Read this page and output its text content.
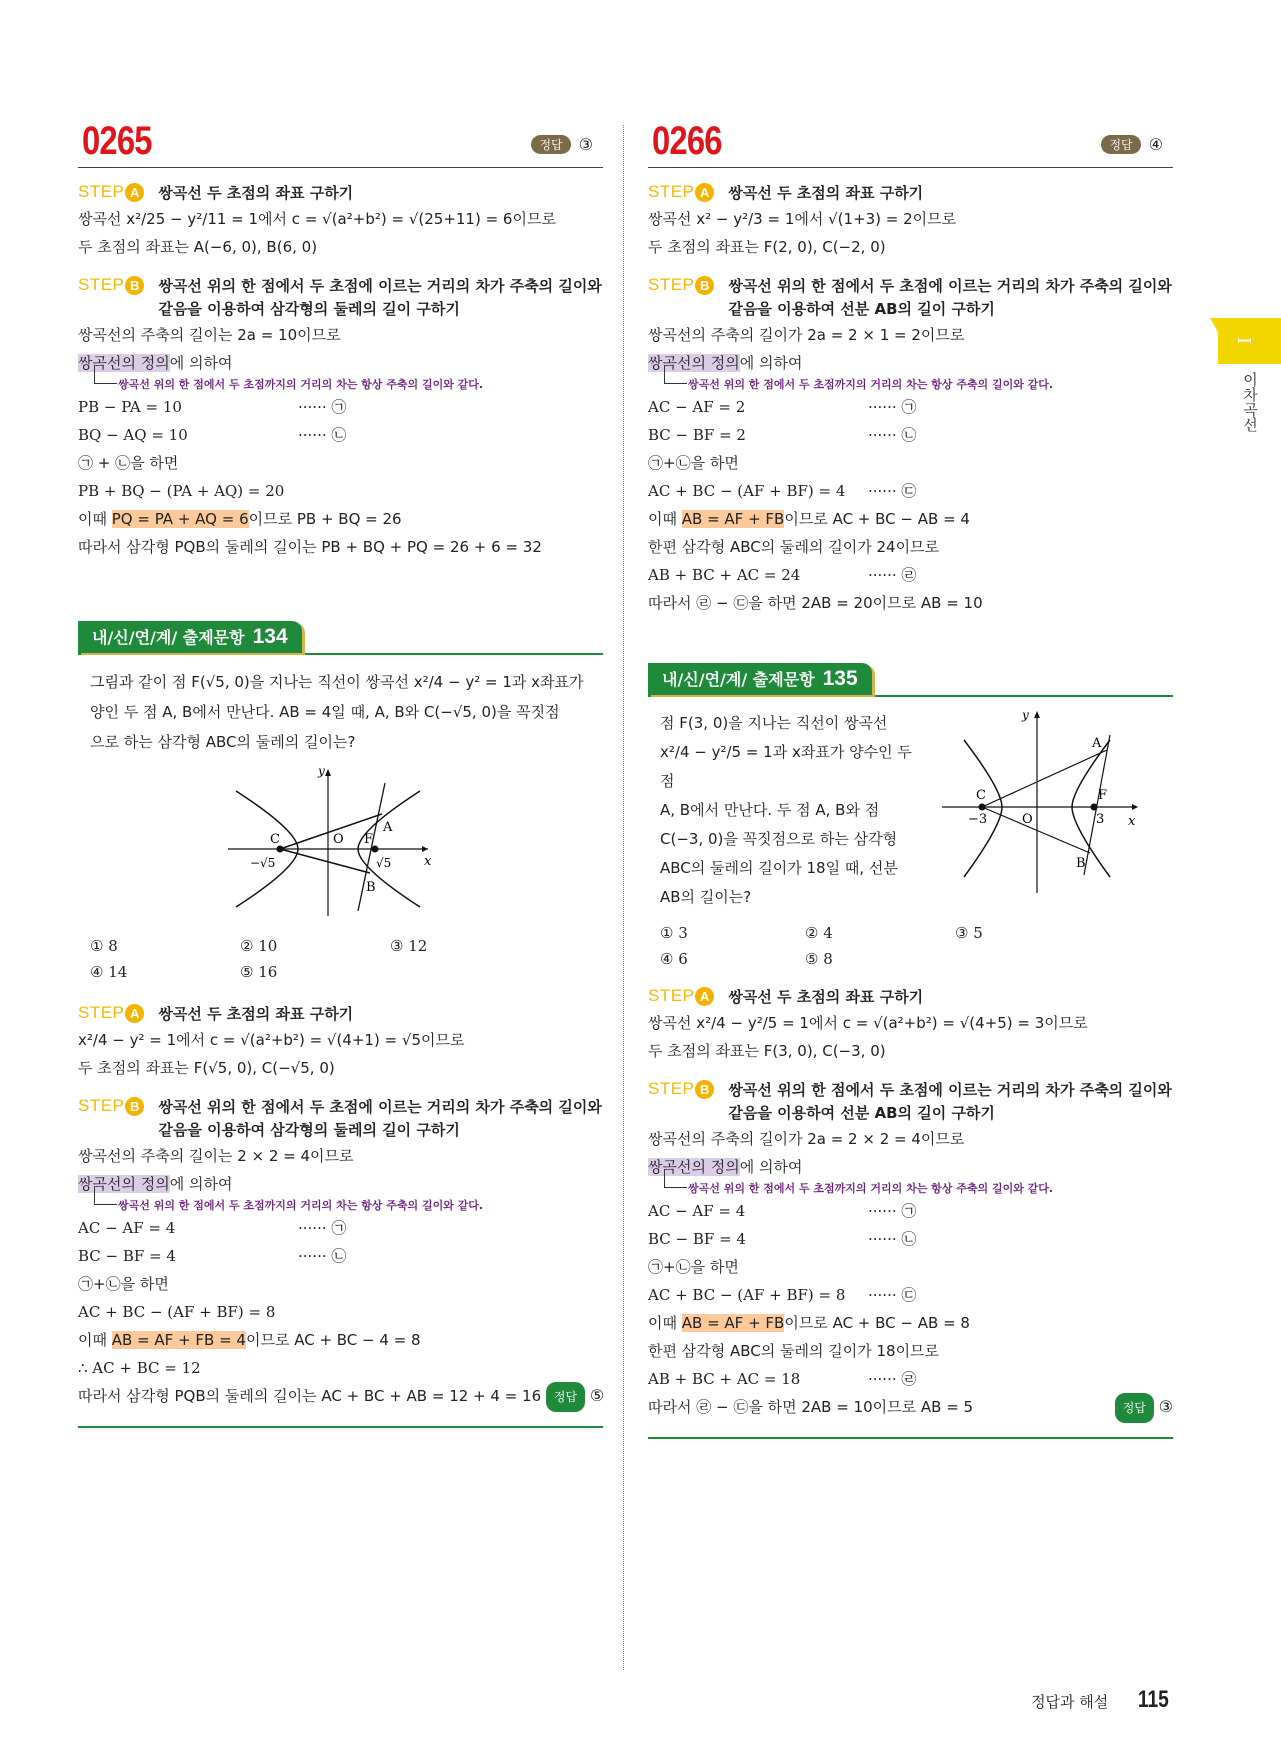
0265	정답	③
STEP A	쌍곡선 두 초점의 좌표 구하기
쌍곡선 x²/25 − y²/11 = 1에서 c = √(a²+b²) = √(25+11) = 6이므로
두 초점의 좌표는 A(−6, 0), B(6, 0)
STEP B	쌍곡선 위의 한 점에서 두 초점에 이르는 거리의 차가 주축의 길이와 같음을 이용하여 삼각형의 둘레의 길이 구하기
쌍곡선의 주축의 길이는 2a = 10이므로
쌍곡선의 정의에 의하여
쌍곡선 위의 한 점에서 두 초점까지의 거리의 차는 항상 주축의 길이와 같다.
PB − PA = 10	······ ㉠
BQ − AQ = 10	······ ㉡
㉠ + ㉡을 하면
PB + BQ − (PA + AQ) = 20
이때 PQ = PA + AQ = 6이므로 PB + BQ = 26
따라서 삼각형 PQB의 둘레의 길이는 PB + BQ + PQ = 26 + 6 = 32
내/신/연/계/ 출제문항 134
그림과 같이 점 F(√5, 0)을 지나는 직선이 쌍곡선 x²/4 − y² = 1과 x좌표가
양인 두 점 A, B에서 만난다. AB = 4일 때, A, B와 C(−√5, 0)을 꼭짓점
으로 하는 삼각형 ABC의 둘레의 길이는?
y
x
O
A
B
C	F
−√5	√5
① 8	② 10	③ 12
④ 14	⑤ 16
STEP A	쌍곡선 두 초점의 좌표 구하기
x²/4 − y² = 1에서 c = √(a²+b²) = √(4+1) = √5이므로
두 초점의 좌표는 F(√5, 0), C(−√5, 0)
STEP B	쌍곡선 위의 한 점에서 두 초점에 이르는 거리의 차가 주축의 길이와 같음을 이용하여 삼각형의 둘레의 길이 구하기
쌍곡선의 주축의 길이는 2 × 2 = 4이므로
쌍곡선의 정의에 의하여
쌍곡선 위의 한 점에서 두 초점까지의 거리의 차는 항상 주축의 길이와 같다.
AC − AF = 4	······ ㉠
BC − BF = 4	······ ㉡
㉠+㉡을 하면
AC + BC − (AF + BF) = 8
이때 AB = AF + FB = 4이므로 AC + BC − 4 = 8
∴ AC + BC = 12
따라서 삼각형 PQB의 둘레의 길이는 AC + BC + AB = 12 + 4 = 16 정답 ⑤
0266	정답	④
STEP A	쌍곡선 두 초점의 좌표 구하기
쌍곡선 x² − y²/3 = 1에서 √(1+3) = 2이므로
두 초점의 좌표는 F(2, 0), C(−2, 0)
STEP B	쌍곡선 위의 한 점에서 두 초점에 이르는 거리의 차가 주축의 길이와 같음을 이용하여 선분 AB의 길이 구하기
쌍곡선의 주축의 길이가 2a = 2 × 1 = 2이므로
쌍곡선의 정의에 의하여
쌍곡선 위의 한 점에서 두 초점까지의 거리의 차는 항상 주축의 길이와 같다.
AC − AF = 2	······ ㉠
BC − BF = 2	······ ㉡
㉠+㉡을 하면
AC + BC − (AF + BF) = 4 ······ ㉢
이때 AB = AF + FB이므로 AC + BC − AB = 4
한편 삼각형 ABC의 둘레의 길이가 24이므로
AB + BC + AC = 24	······ ㉣
따라서 ㉣ − ㉢을 하면 2AB = 20이므로 AB = 10
내/신/연/계/ 출제문항 135
점 F(3, 0)을 지나는 직선이 쌍곡선
x²/4 − y²/5 = 1과 x좌표가 양수인 두 점
A, B에서 만난다. 두 점 A, B와 점
C(−3, 0)을 꼭짓점으로 하는 삼각형
ABC의 둘레의 길이가 18일 때, 선분
AB의 길이는?
y
x
O
A
B
C	F
−3	3
① 3	② 4	③ 5
④ 6	⑤ 8
STEP A	쌍곡선 두 초점의 좌표 구하기
쌍곡선 x²/4 − y²/5 = 1에서 c = √(a²+b²) = √(4+5) = 3이므로
두 초점의 좌표는 F(3, 0), C(−3, 0)
STEP B	쌍곡선 위의 한 점에서 두 초점에 이르는 거리의 차가 주축의 길이와 같음을 이용하여 선분 AB의 길이 구하기
쌍곡선의 주축의 길이가 2a = 2 × 2 = 4이므로
쌍곡선의 정의에 의하여
쌍곡선 위의 한 점에서 두 초점까지의 거리의 차는 항상 주축의 길이와 같다.
AC − AF = 4	······ ㉠
BC − BF = 4	······ ㉡
㉠+㉡을 하면
AC + BC − (AF + BF) = 8 ······ ㉢
이때 AB = AF + FB이므로 AC + BC − AB = 8
한편 삼각형 ABC의 둘레의 길이가 18이므로
AB + BC + AC = 18	······ ㉣
따라서 ㉣ − ㉢을 하면 2AB = 10이므로 AB = 5	정답 ③
I
이차곡선
정답과 해설 115
